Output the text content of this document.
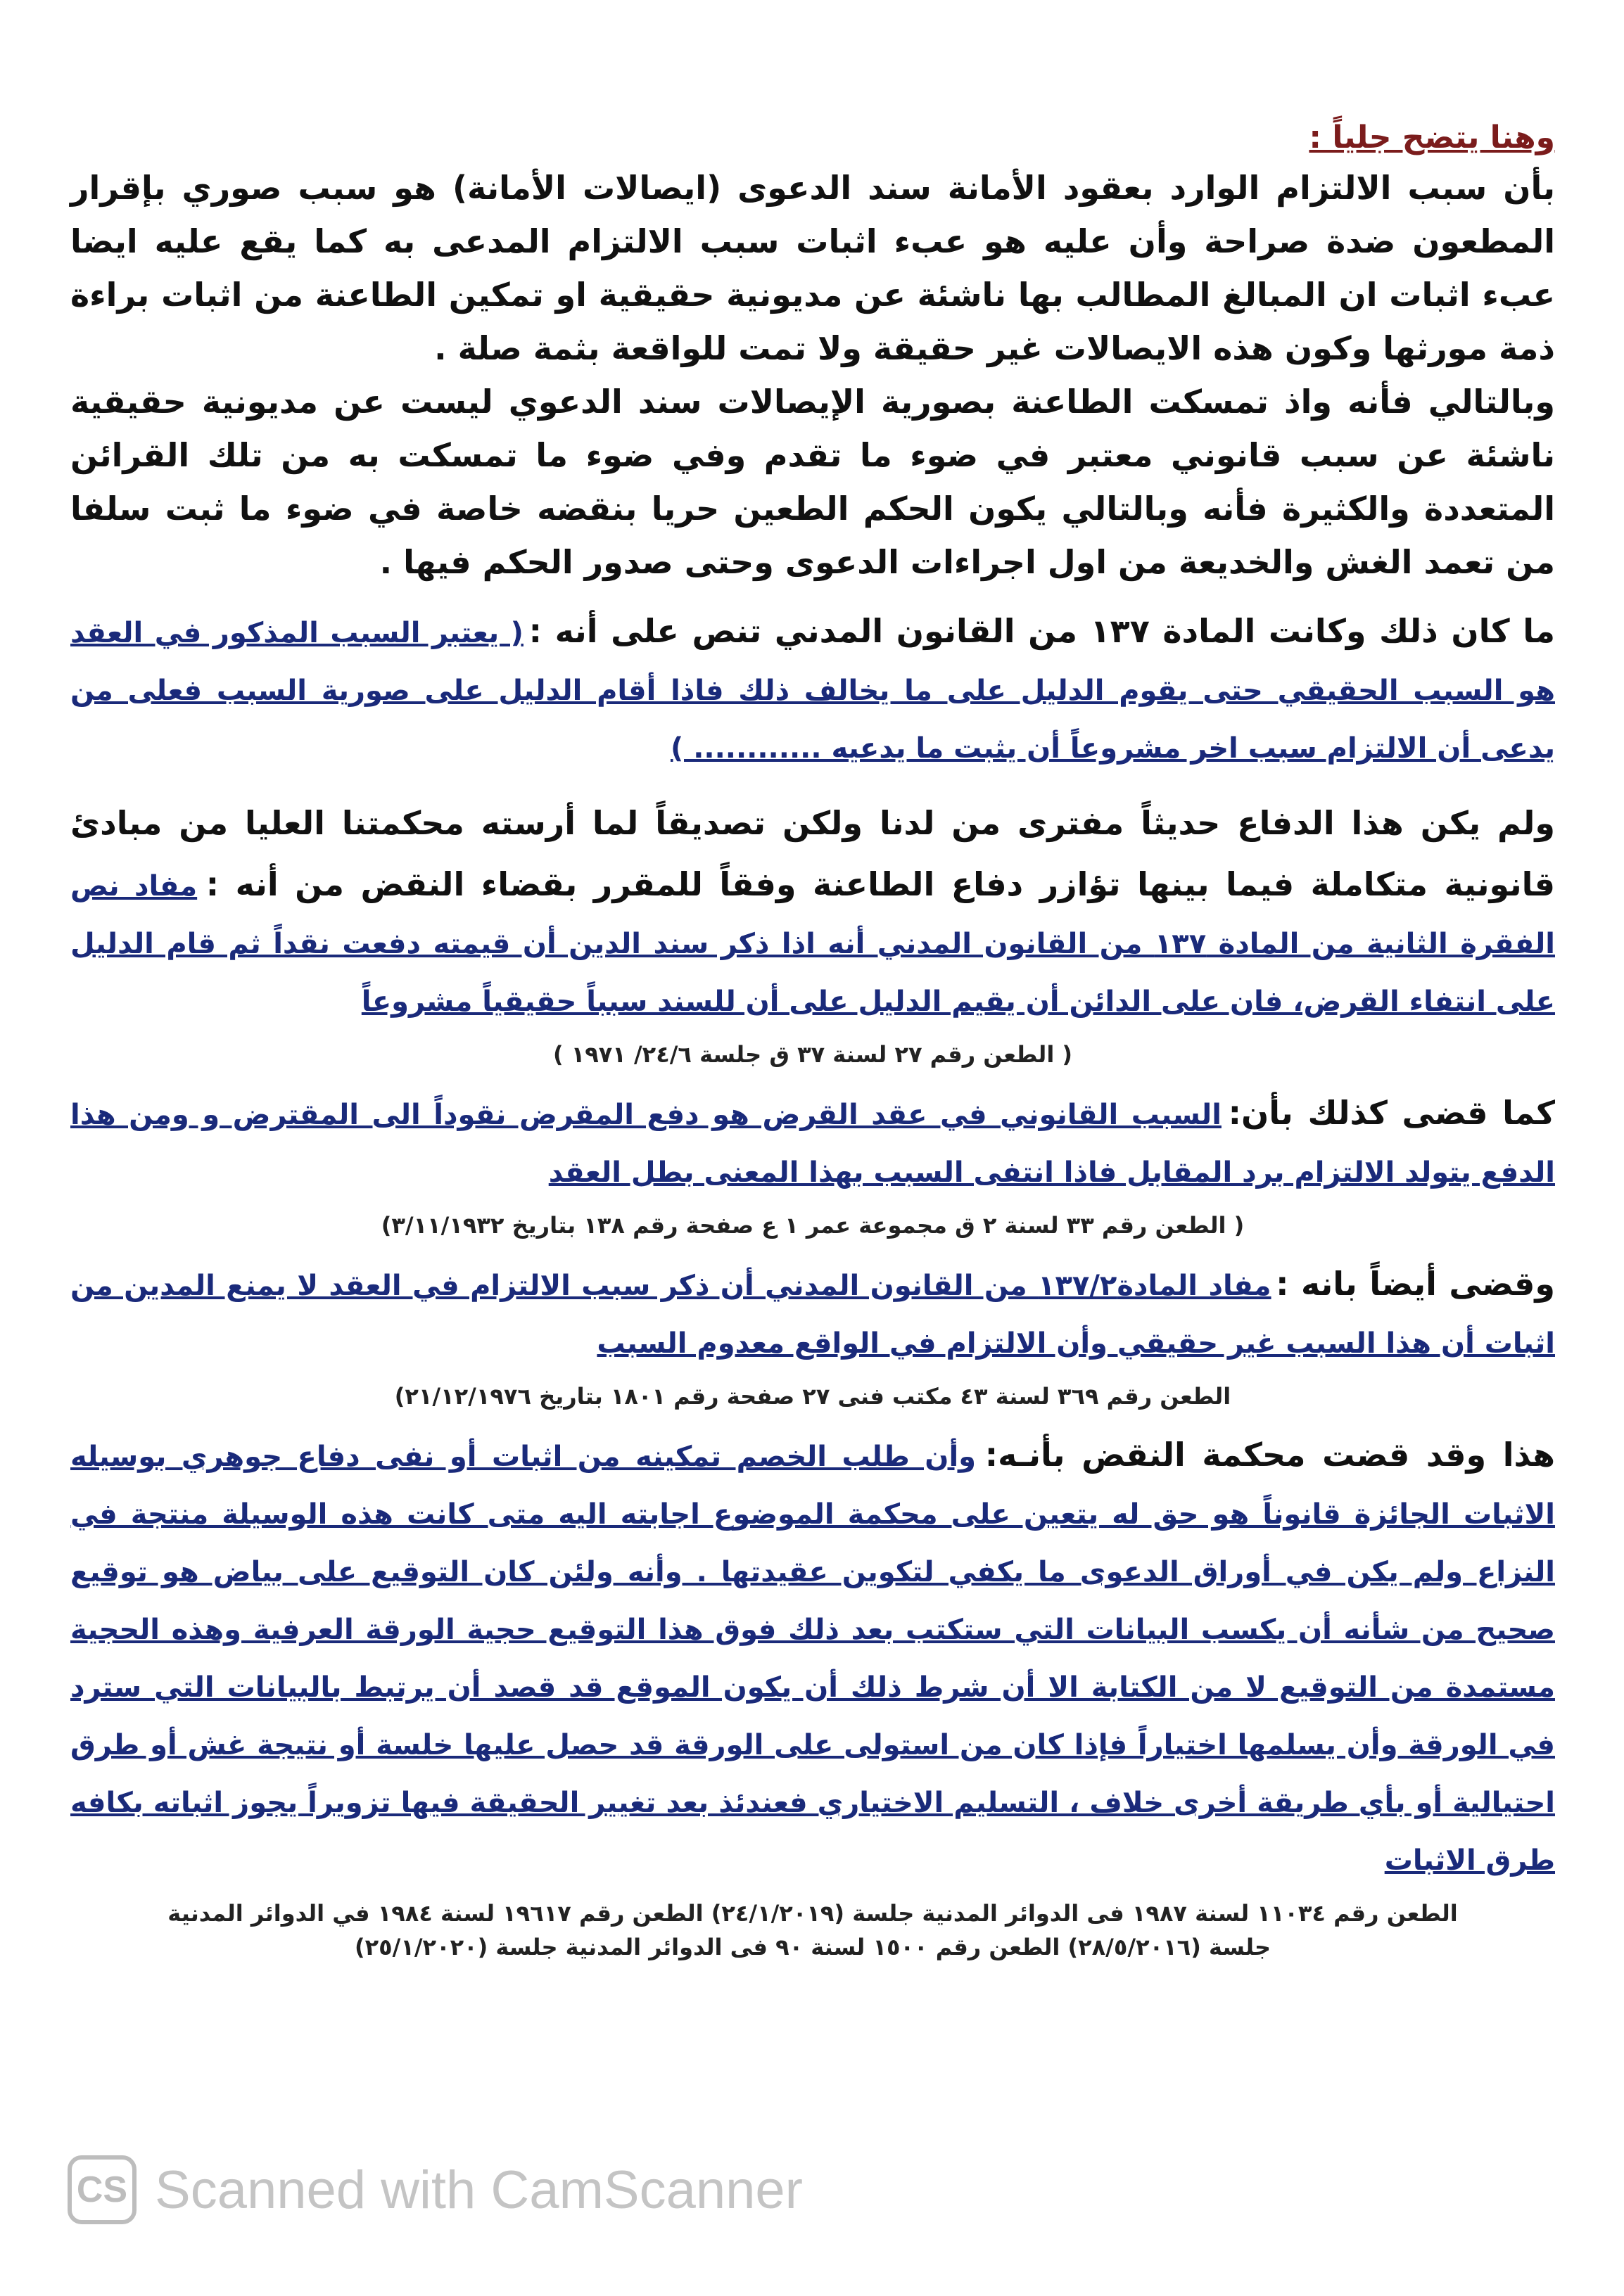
وهنا يتضح جلياً :

بأن سبب الالتزام الوارد بعقود الأمانة سند الدعوى (ايصالات الأمانة) هو سبب صوري بإقرار المطعون ضدة صراحة وأن عليه هو عبء اثبات سبب الالتزام المدعى به كما يقع عليه ايضا عبء اثبات ان المبالغ المطالب بها ناشئة عن مديونية حقيقية او تمكين الطاعنة من اثبات براءة ذمة مورثها وكون هذه الايصالات غير حقيقة ولا تمت للواقعة بثمة صلة .

وبالتالي فأنه واذ تمسكت الطاعنة بصورية الإيصالات سند الدعوي ليست عن مديونية حقيقية ناشئة عن سبب قانوني معتبر في ضوء ما تقدم وفي ضوء ما تمسكت به من تلك القرائن المتعددة والكثيرة فأنه وبالتالي يكون الحكم الطعين حريا بنقضه خاصة في ضوء ما ثبت سلفا من تعمد الغش والخديعة من اول اجراءات الدعوى وحتى صدور الحكم فيها .

ما كان ذلك وكانت المادة ١٣٧ من القانون المدني تنص على أنه : ( يعتبر السبب المذكور في العقد هو السبب الحقيقي حتى يقوم الدليل على ما يخالف ذلك فاذا أقام الدليل على صورية السبب فعلى من يدعى أن الالتزام سبب اخر مشروعاً أن يثبت ما يدعيه ............ )
ولم يكن هذا الدفاع حديثاً مفترى من لدنا ولكن تصديقاً لما أرسته محكمتنا العليا من مبادئ قانونية متكاملة فيما بينها تؤازر دفاع الطاعنة وفقاً للمقرر بقضاء النقض من أنه : مفاد نص الفقرة الثانية من المادة ١٣٧ من القانون المدني أنه اذا ذكر سند الدين أن قيمته دفعت نقداً ثم قام الدليل على انتفاء القرض، فان على الدائن أن يقيم الدليل على أن للسند سبباً حقيقياً مشروعاً
( الطعن رقم ٢٧ لسنة ٣٧ ق جلسة ٢٤/٦/ ١٩٧١ )
كما قضى كذلك بأن: السبب القانوني في عقد القرض هو دفع المقرض نقوداً الى المقترض و ومن هذا الدفع يتولد الالتزام برد المقابل فاذا انتفى السبب بهذا المعنى بطل العقد
( الطعن رقم ٣٣ لسنة ٢ ق مجموعة عمر ١ ع صفحة رقم ١٣٨ بتاريخ ٣/١١/١٩٣٢)
وقضى أيضاً بانه : مفاد المادة١٣٧/٢ من القانون المدني أن ذكر سبب الالتزام في العقد لا يمنع المدين من اثبات أن هذا السبب غير حقيقي وأن الالتزام في الواقع معدوم السبب
الطعن رقم ٣٦٩ لسنة ٤٣ مكتب فنى ٢٧ صفحة رقم ١٨٠١ بتاريخ ٢١/١٢/١٩٧٦)
هذا وقد قضت محكمة النقض بأنـه: وأن طلب الخصم تمكينه من اثبات أو نفى دفاع جوهري بوسيله الاثبات الجائزة قانوناً هو حق له يتعين على محكمة الموضوع اجابته اليه متى كانت هذه الوسيلة منتجة في النزاع ولم يكن في أوراق الدعوى ما يكفي لتكوين عقيدتها . وأنه ولئن كان التوقيع على بياض هو توقيع صحيح من شأنه أن يكسب البيانات التي ستكتب بعد ذلك فوق هذا التوقيع حجية الورقة العرفية وهذه الحجية مستمدة من التوقيع لا من الكتابة الا أن شرط ذلك أن يكون الموقع قد قصد أن يرتبط بالبيانات التي سترد في الورقة وأن يسلمها اختياراً فإذا كان من استولى على الورقة قد حصل عليها خلسة أو نتيجة غش أو طرق احتيالية أو بأي طريقة أخرى خلاف ، التسليم الاختياري فعندئذ بعد تغيير الحقيقة فيها تزويراً يجوز اثباته بكافه طرق الاثبات
الطعن رقم ١١٠٣٤ لسنة ١٩٨٧ فى الدوائر المدنية جلسة (٢٤/١/٢٠١٩) الطعن رقم ١٩٦١٧ لسنة ١٩٨٤ في الدوائر المدنية
جلسة (٢٨/٥/٢٠١٦) الطعن رقم ١٥٠٠ لسنة ٩٠ فى الدوائر المدنية جلسة (٢٥/١/٢٠٢٠)
CS Scanned with CamScanner
